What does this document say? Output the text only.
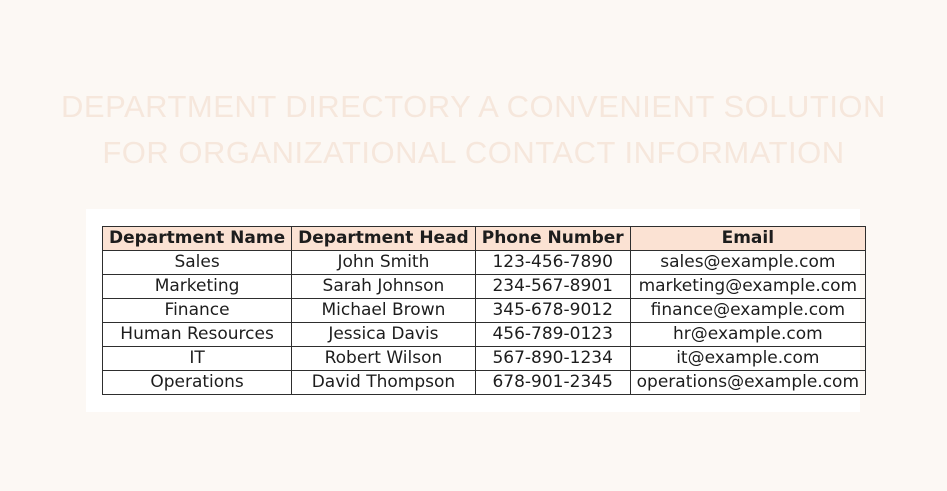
DEPARTMENT DIRECTORY A CONVENIENT SOLUTION
FOR ORGANIZATIONAL CONTACT INFORMATION
Department Name	Department Head	Phone Number	Email
Sales	John Smith	123-456-7890	sales@example.com
Marketing	Sarah Johnson	234-567-8901	marketing@example.com
Finance	Michael Brown	345-678-9012	finance@example.com
Human Resources	Jessica Davis	456-789-0123	hr@example.com
IT	Robert Wilson	567-890-1234	it@example.com
Operations	David Thompson	678-901-2345	operations@example.com
